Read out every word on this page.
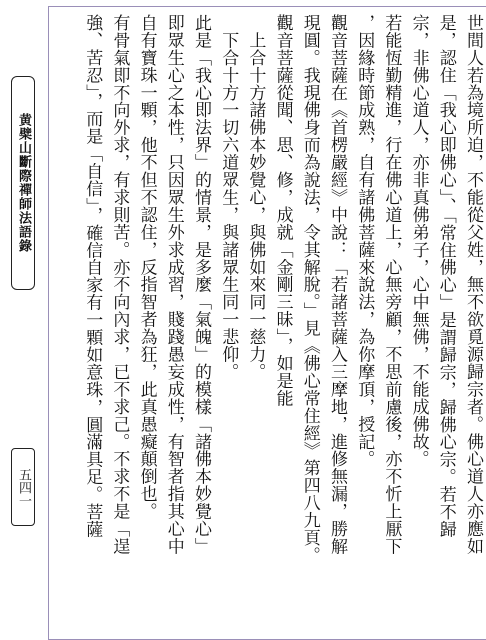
黄檗山斷際禪師法語錄
五四一	世間人若為境所迫，不能從父姓，無不欲覓源歸宗者。佛心道人亦應如
是，認住「我心即佛心」、「常住佛心」是謂歸宗，歸佛心宗。若不歸
宗，非佛心道人，亦非真佛弟子，心中無佛，不能成佛故。
若能恆勤精進，行在佛心道上，心無旁顧，不思前慮後，亦不忻上厭下
，因緣時節成熟，自有諸佛菩薩來說法，為你摩頂，授記。
觀音菩薩在《首楞嚴經》中說：「若諸菩薩入三摩地，進修無漏，勝解
現圓。我現佛身而為說法，令其解脫。」見《佛心常住經》第四八九頁。
觀音菩薩從聞、思、修，成就「金剛三昧」，如是能
　上合十方諸佛本妙覺心，與佛如來同一慈力。
　下合十方一切六道眾生，與諸眾生同一悲仰。
此是「我心即法界」的情景，是多麼「氣魄」的模樣「諸佛本妙覺心」
即眾生心之本性，只因眾生外求成習，賤踐愚妄成性，有智者指其心中
自有寶珠一顆，他不但不認住，反指智者為狂，此真愚癡顛倒也。
有骨氣即不向外求，有求則苦。亦不向內求，已不求己。不求不是「逞
強、苦忍」，而是「自信」，確信自家有一顆如意珠，圓滿具足。菩薩
